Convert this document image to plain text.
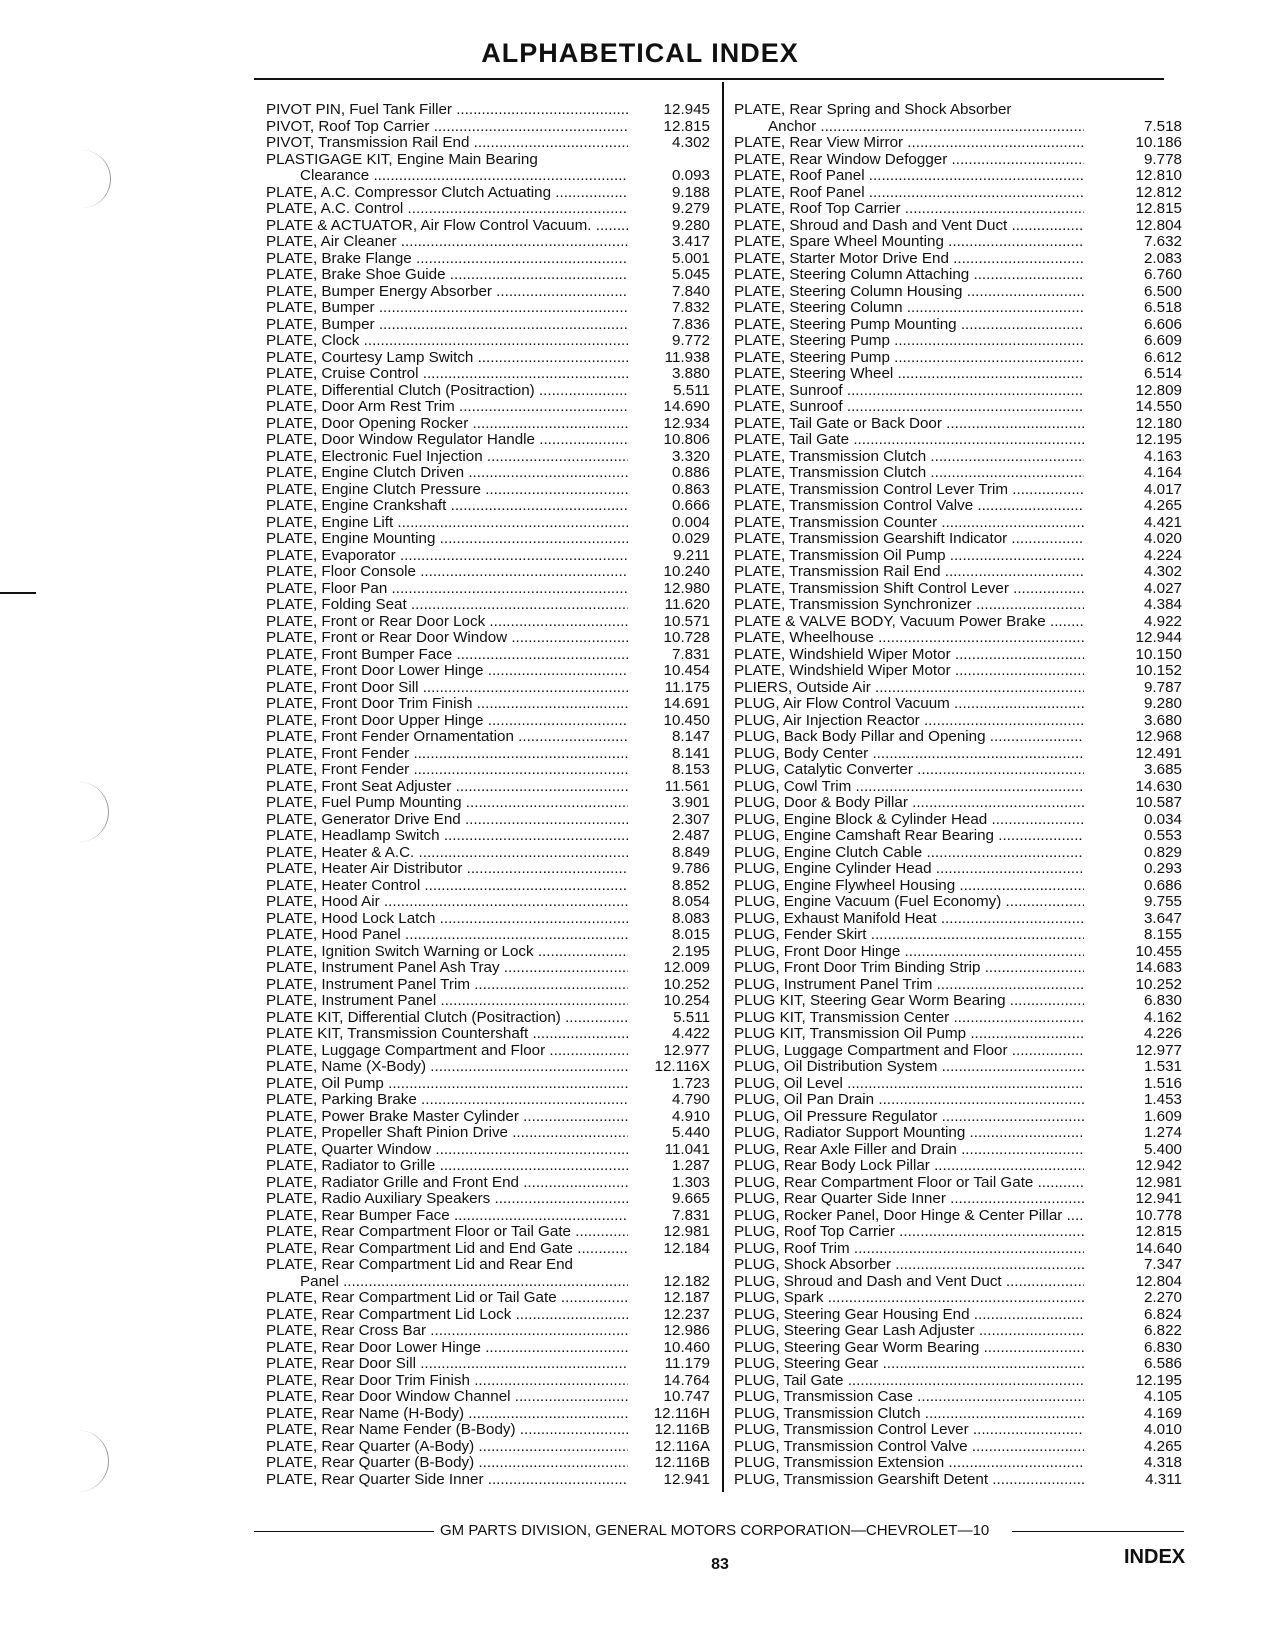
ALPHABETICAL INDEX
PIVOT PIN, Fuel Tank Filler .....	12.945
PIVOT, Roof Top Carrier .....	12.815
PIVOT, Transmission Rail End .....	4.302
PLASTIGAGE KIT, Engine Main Bearing
Clearance .....	0.093
PLATE, A.C. Compressor Clutch Actuating .....	9.188
PLATE, A.C. Control .....	9.279
PLATE & ACTUATOR, Air Flow Control Vacuum. .....	9.280
PLATE, Air Cleaner .....	3.417
PLATE, Brake Flange .....	5.001
PLATE, Brake Shoe Guide .....	5.045
PLATE, Bumper Energy Absorber .....	7.840
PLATE, Bumper .....	7.832
PLATE, Bumper .....	7.836
PLATE, Clock .....	9.772
PLATE, Courtesy Lamp Switch .....	11.938
PLATE, Cruise Control .....	3.880
PLATE, Differential Clutch (Positraction) .....	5.511
PLATE, Door Arm Rest Trim .....	14.690
PLATE, Door Opening Rocker .....	12.934
PLATE, Door Window Regulator Handle .....	10.806
PLATE, Electronic Fuel Injection .....	3.320
PLATE, Engine Clutch Driven .....	0.886
PLATE, Engine Clutch Pressure .....	0.863
PLATE, Engine Crankshaft .....	0.666
PLATE, Engine Lift .....	0.004
PLATE, Engine Mounting .....	0.029
PLATE, Evaporator .....	9.211
PLATE, Floor Console .....	10.240
PLATE, Floor Pan .....	12.980
PLATE, Folding Seat .....	11.620
PLATE, Front or Rear Door Lock .....	10.571
PLATE, Front or Rear Door Window .....	10.728
PLATE, Front Bumper Face .....	7.831
PLATE, Front Door Lower Hinge .....	10.454
PLATE, Front Door Sill .....	11.175
PLATE, Front Door Trim Finish .....	14.691
PLATE, Front Door Upper Hinge .....	10.450
PLATE, Front Fender Ornamentation .....	8.147
PLATE, Front Fender .....	8.141
PLATE, Front Fender .....	8.153
PLATE, Front Seat Adjuster .....	11.561
PLATE, Fuel Pump Mounting .....	3.901
PLATE, Generator Drive End .....	2.307
PLATE, Headlamp Switch .....	2.487
PLATE, Heater & A.C. .....	8.849
PLATE, Heater Air Distributor .....	9.786
PLATE, Heater Control .....	8.852
PLATE, Hood Air .....	8.054
PLATE, Hood Lock Latch .....	8.083
PLATE, Hood Panel .....	8.015
PLATE, Ignition Switch Warning or Lock .....	2.195
PLATE, Instrument Panel Ash Tray .....	12.009
PLATE, Instrument Panel Trim .....	10.252
PLATE, Instrument Panel .....	10.254
PLATE KIT, Differential Clutch (Positraction) .....	5.511
PLATE KIT, Transmission Countershaft .....	4.422
PLATE, Luggage Compartment and Floor .....	12.977
PLATE, Name (X-Body) .....	12.116X
PLATE, Oil Pump .....	1.723
PLATE, Parking Brake .....	4.790
PLATE, Power Brake Master Cylinder .....	4.910
PLATE, Propeller Shaft Pinion Drive .....	5.440
PLATE, Quarter Window .....	11.041
PLATE, Radiator to Grille .....	1.287
PLATE, Radiator Grille and Front End .....	1.303
PLATE, Radio Auxiliary Speakers .....	9.665
PLATE, Rear Bumper Face .....	7.831
PLATE, Rear Compartment Floor or Tail Gate .....	12.981
PLATE, Rear Compartment Lid and End Gate .....	12.184
PLATE, Rear Compartment Lid and Rear End
Panel .....	12.182
PLATE, Rear Compartment Lid or Tail Gate .....	12.187
PLATE, Rear Compartment Lid Lock .....	12.237
PLATE, Rear Cross Bar .....	12.986
PLATE, Rear Door Lower Hinge .....	10.460
PLATE, Rear Door Sill .....	11.179
PLATE, Rear Door Trim Finish .....	14.764
PLATE, Rear Door Window Channel .....	10.747
PLATE, Rear Name (H-Body) .....	12.116H
PLATE, Rear Name Fender (B-Body) .....	12.116B
PLATE, Rear Quarter (A-Body) .....	12.116A
PLATE, Rear Quarter (B-Body) .....	12.116B
PLATE, Rear Quarter Side Inner .....	12.941
PLATE, Rear Spring and Shock Absorber
Anchor .....	7.518
PLATE, Rear View Mirror .....	10.186
PLATE, Rear Window Defogger .....	9.778
PLATE, Roof Panel .....	12.810
PLATE, Roof Panel .....	12.812
PLATE, Roof Top Carrier .....	12.815
PLATE, Shroud and Dash and Vent Duct .....	12.804
PLATE, Spare Wheel Mounting .....	7.632
PLATE, Starter Motor Drive End .....	2.083
PLATE, Steering Column Attaching .....	6.760
PLATE, Steering Column Housing .....	6.500
PLATE, Steering Column .....	6.518
PLATE, Steering Pump Mounting .....	6.606
PLATE, Steering Pump .....	6.609
PLATE, Steering Pump .....	6.612
PLATE, Steering Wheel .....	6.514
PLATE, Sunroof .....	12.809
PLATE, Sunroof .....	14.550
PLATE, Tail Gate or Back Door .....	12.180
PLATE, Tail Gate .....	12.195
PLATE, Transmission Clutch .....	4.163
PLATE, Transmission Clutch .....	4.164
PLATE, Transmission Control Lever Trim .....	4.017
PLATE, Transmission Control Valve .....	4.265
PLATE, Transmission Counter .....	4.421
PLATE, Transmission Gearshift Indicator .....	4.020
PLATE, Transmission Oil Pump .....	4.224
PLATE, Transmission Rail End .....	4.302
PLATE, Transmission Shift Control Lever .....	4.027
PLATE, Transmission Synchronizer .....	4.384
PLATE & VALVE BODY, Vacuum Power Brake .....	4.922
PLATE, Wheelhouse .....	12.944
PLATE, Windshield Wiper Motor .....	10.150
PLATE, Windshield Wiper Motor .....	10.152
PLIERS, Outside Air .....	9.787
PLUG, Air Flow Control Vacuum .....	9.280
PLUG, Air Injection Reactor .....	3.680
PLUG, Back Body Pillar and Opening .....	12.968
PLUG, Body Center .....	12.491
PLUG, Catalytic Converter .....	3.685
PLUG, Cowl Trim .....	14.630
PLUG, Door & Body Pillar .....	10.587
PLUG, Engine Block & Cylinder Head .....	0.034
PLUG, Engine Camshaft Rear Bearing .....	0.553
PLUG, Engine Clutch Cable .....	0.829
PLUG, Engine Cylinder Head .....	0.293
PLUG, Engine Flywheel Housing .....	0.686
PLUG, Engine Vacuum (Fuel Economy) .....	9.755
PLUG, Exhaust Manifold Heat .....	3.647
PLUG, Fender Skirt .....	8.155
PLUG, Front Door Hinge .....	10.455
PLUG, Front Door Trim Binding Strip .....	14.683
PLUG, Instrument Panel Trim .....	10.252
PLUG KIT, Steering Gear Worm Bearing .....	6.830
PLUG KIT, Transmission Center .....	4.162
PLUG KIT, Transmission Oil Pump .....	4.226
PLUG, Luggage Compartment and Floor .....	12.977
PLUG, Oil Distribution System .....	1.531
PLUG, Oil Level .....	1.516
PLUG, Oil Pan Drain .....	1.453
PLUG, Oil Pressure Regulator .....	1.609
PLUG, Radiator Support Mounting .....	1.274
PLUG, Rear Axle Filler and Drain .....	5.400
PLUG, Rear Body Lock Pillar .....	12.942
PLUG, Rear Compartment Floor or Tail Gate .....	12.981
PLUG, Rear Quarter Side Inner .....	12.941
PLUG, Rocker Panel, Door Hinge & Center Pillar .....	10.778
PLUG, Roof Top Carrier .....	12.815
PLUG, Roof Trim .....	14.640
PLUG, Shock Absorber .....	7.347
PLUG, Shroud and Dash and Vent Duct .....	12.804
PLUG, Spark .....	2.270
PLUG, Steering Gear Housing End .....	6.824
PLUG, Steering Gear Lash Adjuster .....	6.822
PLUG, Steering Gear Worm Bearing .....	6.830
PLUG, Steering Gear .....	6.586
PLUG, Tail Gate .....	12.195
PLUG, Transmission Case .....	4.105
PLUG, Transmission Clutch .....	4.169
PLUG, Transmission Control Lever .....	4.010
PLUG, Transmission Control Valve .....	4.265
PLUG, Transmission Extension .....	4.318
PLUG, Transmission Gearshift Detent .....	4.311
GM PARTS DIVISION, GENERAL MOTORS CORPORATION—CHEVROLET—10
83	INDEX
